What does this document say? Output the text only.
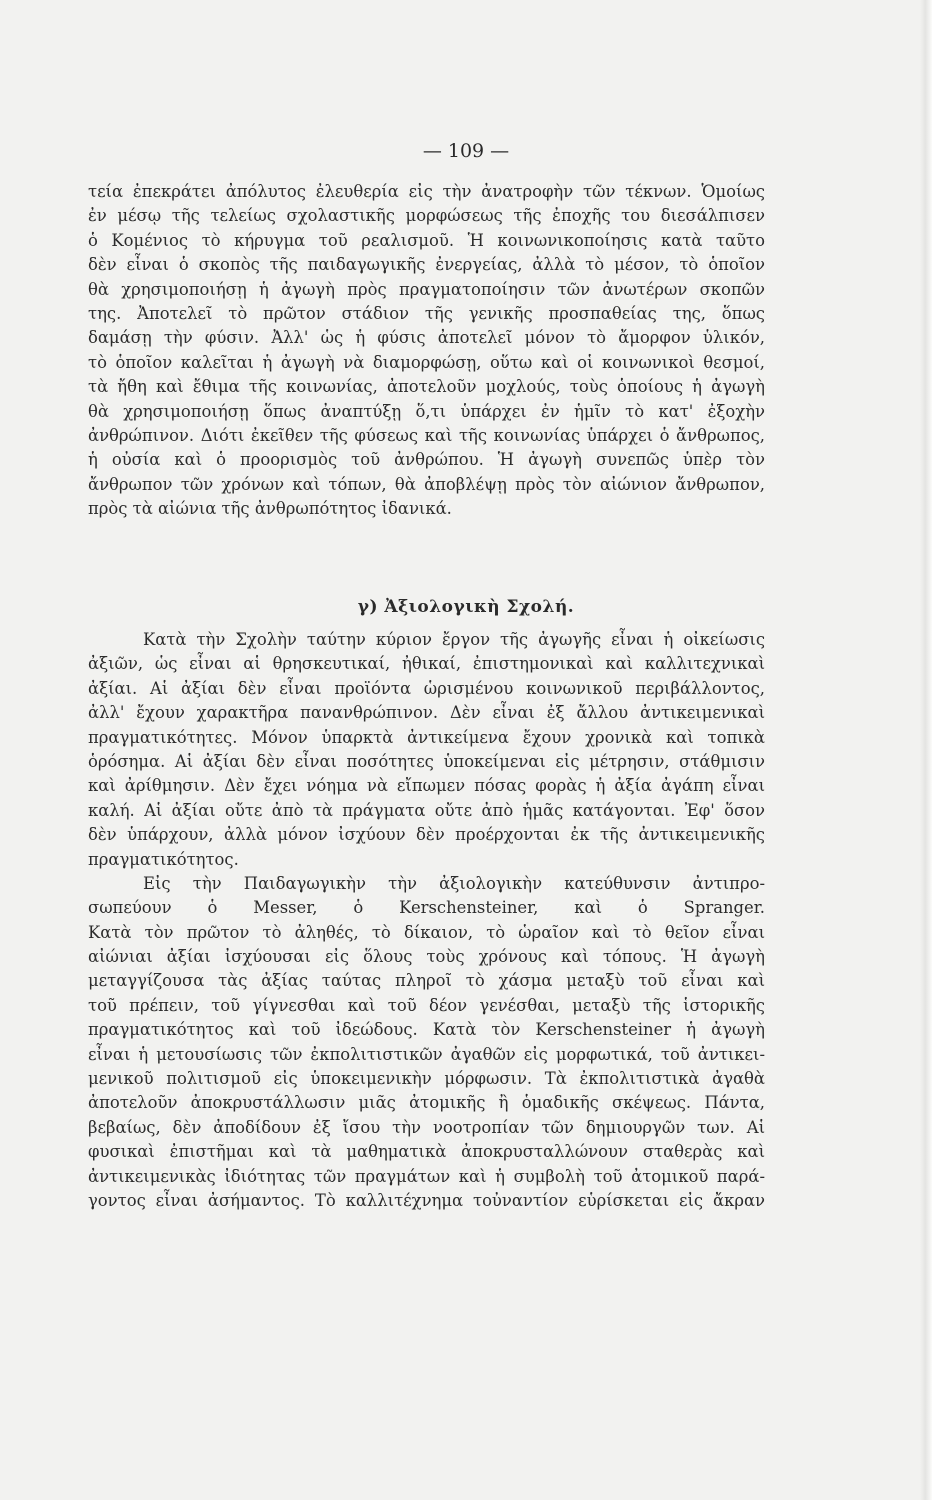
— 109 —
τεία ἐπεκράτει ἀπόλυτος ἐλευθερία εἰς τὴν ἀνατροφὴν τῶν τέκνων. Ὁμοίως
ἐν μέσῳ τῆς τελείως σχολαστικῆς μορφώσεως τῆς ἐποχῆς του διεσάλπισεν
ὁ Κομένιος τὸ κήρυγμα τοῦ ρεαλισμοῦ. Ἡ κοινωνικοποίησις κατὰ ταῦτο
δὲν εἶναι ὁ σκοπὸς τῆς παιδαγωγικῆς ἐνεργείας, ἀλλὰ τὸ μέσον, τὸ ὁποῖον
θὰ χρησιμοποιήσῃ ἡ ἀγωγὴ πρὸς πραγματοποίησιν τῶν ἀνωτέρων σκοπῶν
της. Ἀποτελεῖ τὸ πρῶτον στάδιον τῆς γενικῆς προσπαθείας της, ὅπως
δαμάσῃ τὴν φύσιν. Ἀλλ' ὡς ἡ φύσις ἀποτελεῖ μόνον τὸ ἄμορφον ὑλικόν,
τὸ ὁποῖον καλεῖται ἡ ἀγωγὴ νὰ διαμορφώσῃ, οὕτω καὶ οἱ κοινωνικοὶ θεσμοί,
τὰ ἤθη καὶ ἔθιμα τῆς κοινωνίας, ἀποτελοῦν μοχλούς, τοὺς ὁποίους ἡ ἀγωγὴ
θὰ χρησιμοποιήσῃ ὅπως ἀναπτύξῃ ὅ,τι ὑπάρχει ἐν ἡμῖν τὸ κατ' ἐξοχὴν
ἀνθρώπινον. Διότι ἐκεῖθεν τῆς φύσεως καὶ τῆς κοινωνίας ὑπάρχει ὁ ἄνθρωπος,
ἡ οὐσία καὶ ὁ προορισμὸς τοῦ ἀνθρώπου. Ἡ ἀγωγὴ συνεπῶς ὑπὲρ τὸν
ἄνθρωπον τῶν χρόνων καὶ τόπων, θὰ ἀποβλέψῃ πρὸς τὸν αἰώνιον ἄνθρωπον,
πρὸς τὰ αἰώνια τῆς ἀνθρωπότητος ἰδανικά.
γ) Ἀξιολογικὴ Σχολή.
Κατὰ τὴν Σχολὴν ταύτην κύριον ἔργον τῆς ἀγωγῆς εἶναι ἡ οἰκείωσις
ἀξιῶν, ὡς εἶναι αἱ θρησκευτικαί, ἠθικαί, ἐπιστημονικαὶ καὶ καλλιτεχνικαὶ
ἀξίαι. Αἱ ἀξίαι δὲν εἶναι προϊόντα ὡρισμένου κοινωνικοῦ περιβάλλοντος,
ἀλλ' ἔχουν χαρακτῆρα πανανθρώπινον. Δὲν εἶναι ἐξ ἄλλου ἀντικειμενικαὶ
πραγματικότητες. Μόνον ὑπαρκτὰ ἀντικείμενα ἔχουν χρονικὰ καὶ τοπικὰ
ὁρόσημα. Αἱ ἀξίαι δὲν εἶναι ποσότητες ὑποκείμεναι εἰς μέτρησιν, στάθμισιν
καὶ ἀρίθμησιν. Δὲν ἔχει νόημα νὰ εἴπωμεν πόσας φορὰς ἡ ἀξία ἀγάπη εἶναι
καλή. Αἱ ἀξίαι οὔτε ἀπὸ τὰ πράγματα οὔτε ἀπὸ ἡμᾶς κατάγονται. Ἐφ' ὅσον
δὲν ὑπάρχουν, ἀλλὰ μόνον ἰσχύουν δὲν προέρχονται ἐκ τῆς ἀντικειμενικῆς
πραγματικότητος.
Εἰς τὴν Παιδαγωγικὴν τὴν ἀξιολογικὴν κατεύθυνσιν ἀντιπρο-
σωπεύουν ὁ Messer, ὁ Kerschensteiner, καὶ ὁ Spranger.
Κατὰ τὸν πρῶτον τὸ ἀληθές, τὸ δίκαιον, τὸ ὡραῖον καὶ τὸ θεῖον εἶναι
αἰώνιαι ἀξίαι ἰσχύουσαι εἰς ὅλους τοὺς χρόνους καὶ τόπους. Ἡ ἀγωγὴ
μεταγγίζουσα τὰς ἀξίας ταύτας πληροῖ τὸ χάσμα μεταξὺ τοῦ εἶναι καὶ
τοῦ πρέπειν, τοῦ γίγνεσθαι καὶ τοῦ δέον γενέσθαι, μεταξὺ τῆς ἱστορικῆς
πραγματικότητος καὶ τοῦ ἰδεώδους. Κατὰ τὸν Kerschensteiner ἡ ἀγωγὴ
εἶναι ἡ μετουσίωσις τῶν ἐκπολιτιστικῶν ἀγαθῶν εἰς μορφωτικά, τοῦ ἀντικει-
μενικοῦ πολιτισμοῦ εἰς ὑποκειμενικὴν μόρφωσιν. Τὰ ἐκπολιτιστικὰ ἀγαθὰ
ἀποτελοῦν ἀποκρυστάλλωσιν μιᾶς ἀτομικῆς ἢ ὁμαδικῆς σκέψεως. Πάντα,
βεβαίως, δὲν ἀποδίδουν ἐξ ἴσου τὴν νοοτροπίαν τῶν δημιουργῶν των. Αἱ
φυσικαὶ ἐπιστῆμαι καὶ τὰ μαθηματικὰ ἀποκρυσταλλώνουν σταθερὰς καὶ
ἀντικειμενικὰς ἰδιότητας τῶν πραγμάτων καὶ ἡ συμβολὴ τοῦ ἀτομικοῦ παρά-
γοντος εἶναι ἀσήμαντος. Τὸ καλλιτέχνημα τοὐναντίον εὑρίσκεται εἰς ἄκραν
